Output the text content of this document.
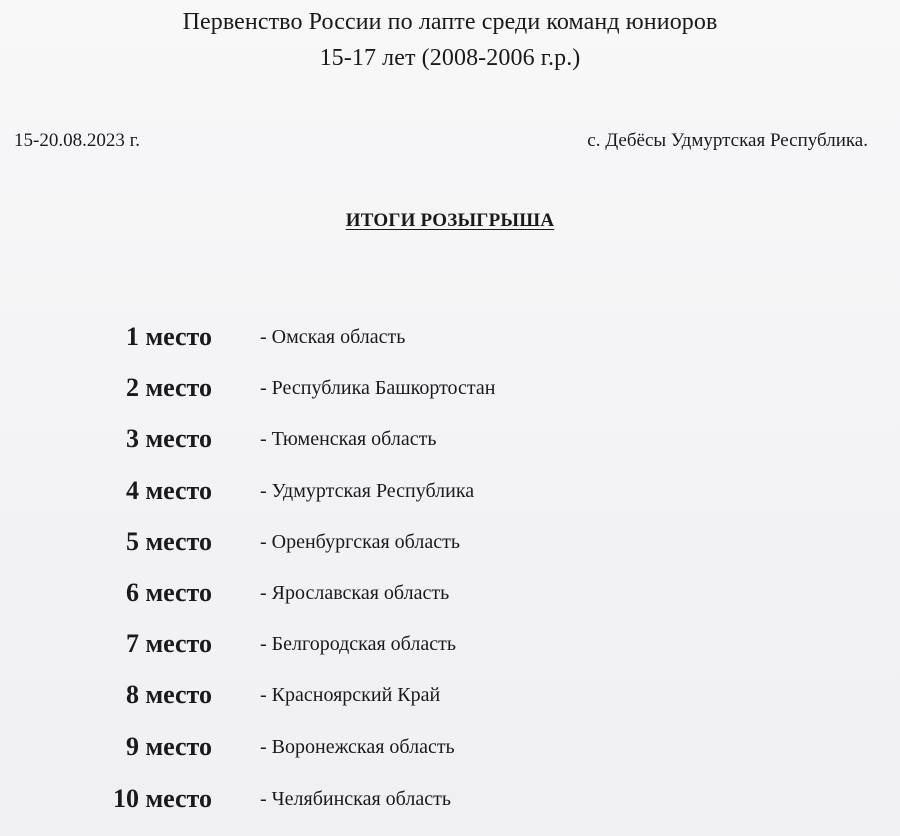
Первенство России по лапте среди команд юниоров
15-17 лет (2008-2006 г.р.)
15-20.08.2023 г.	с. Дебёсы Удмуртская Республика.
ИТОГИ РОЗЫГРЫША
1 место - Омская область
2 место - Республика Башкортостан
3 место - Тюменская область
4 место - Удмуртская Республика
5 место - Оренбургская область
6 место - Ярославская область
7 место - Белгородская область
8 место - Красноярский Край
9 место - Воронежская область
10 место - Челябинская область
